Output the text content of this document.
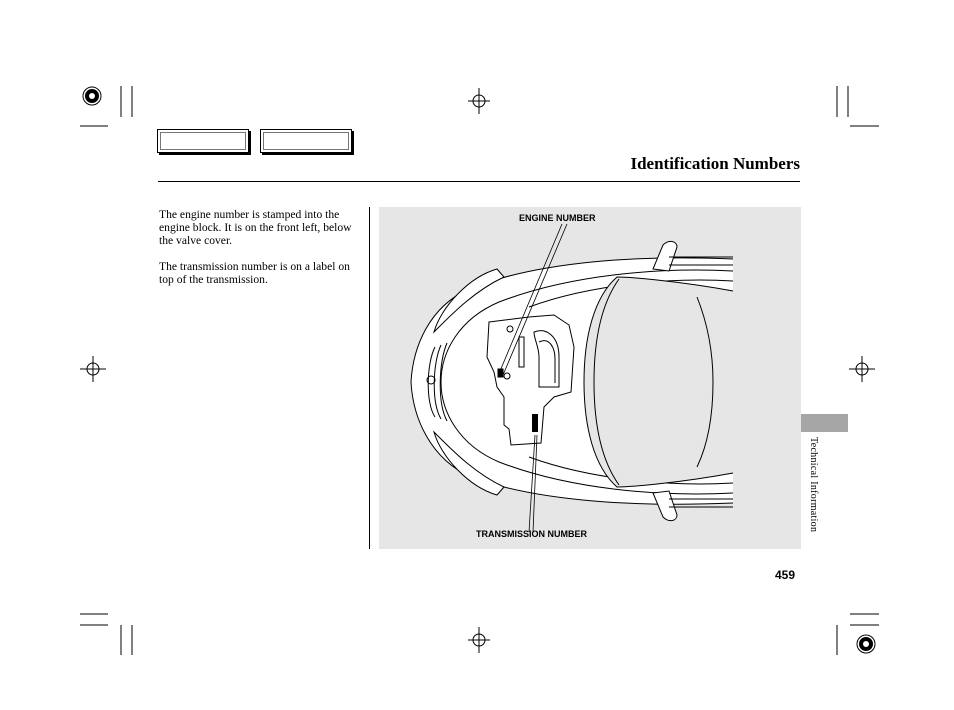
Identification Numbers
The engine number is stamped into the engine block. It is on the front left, below the valve cover.
The transmission number is on a label on top of the transmission.
ENGINE NUMBER
TRANSMISSION NUMBER
Technical Information
459
